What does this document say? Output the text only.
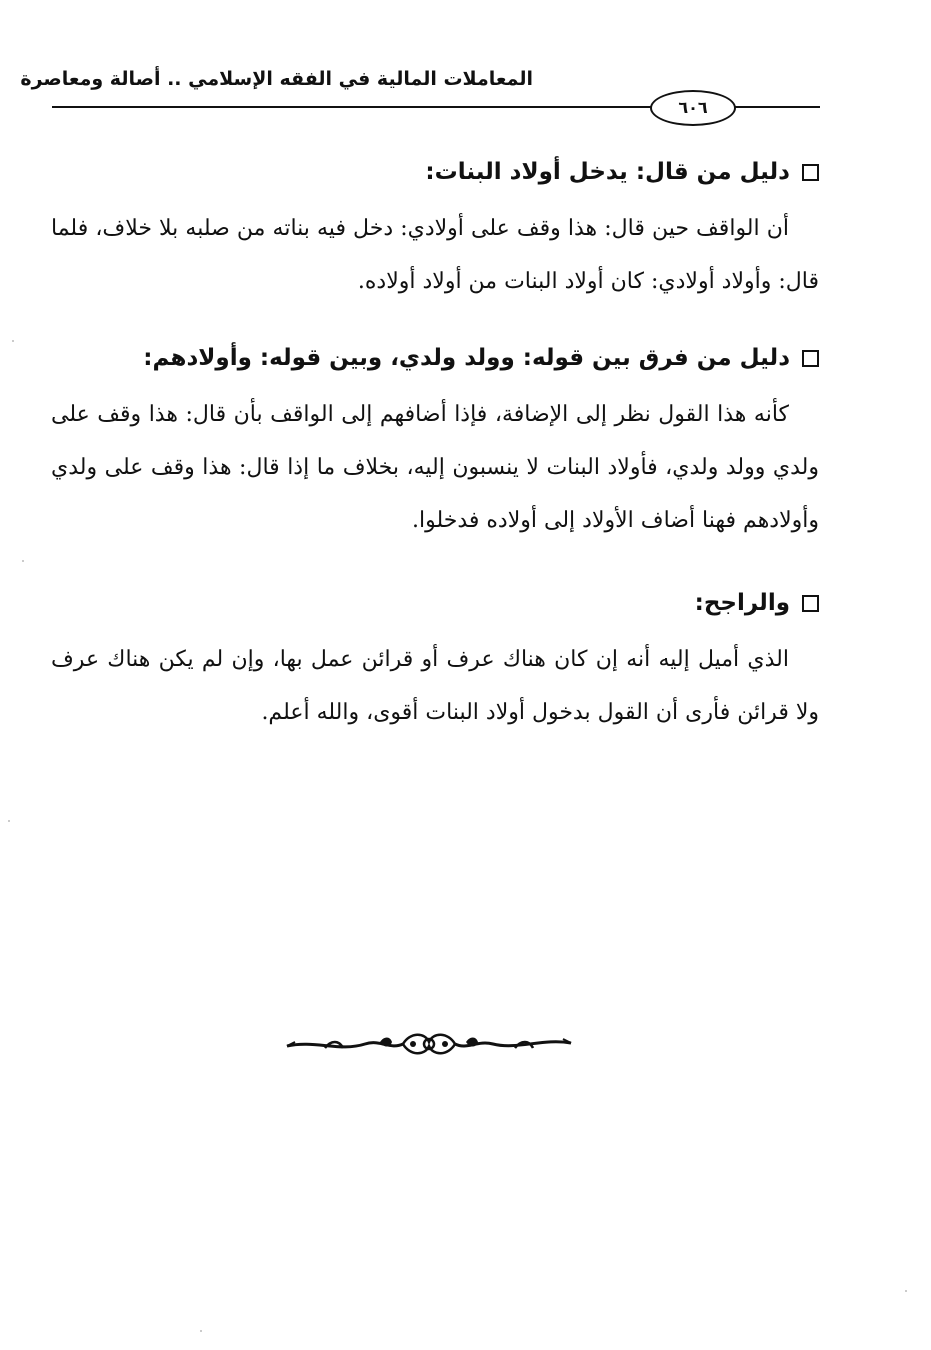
المعاملات المالية في الفقه الإسلامي .. أصالة ومعاصرة
٦٠٦
دليل من قال: يدخل أولاد البنات:

أن الواقف حين قال: هذا وقف على أولادي: دخل فيه بناته من صلبه بلا خلاف، فلما قال: وأولاد أولادي: كان أولاد البنات من أولاد أولاده.

دليل من فرق بين قوله: وولد ولدي، وبين قوله: وأولادهم:

كأنه هذا القول نظر إلى الإضافة، فإذا أضافهم إلى الواقف بأن قال: هذا وقف على ولدي وولد ولدي، فأولاد البنات لا ينسبون إليه، بخلاف ما إذا قال: هذا وقف على ولدي وأولادهم فهنا أضاف الأولاد إلى أولاده فدخلوا.

والراجح:

الذي أميل إليه أنه إن كان هناك عرف أو قرائن عمل بها، وإن لم يكن هناك عرف ولا قرائن فأرى أن القول بدخول أولاد البنات أقوى، والله أعلم.
